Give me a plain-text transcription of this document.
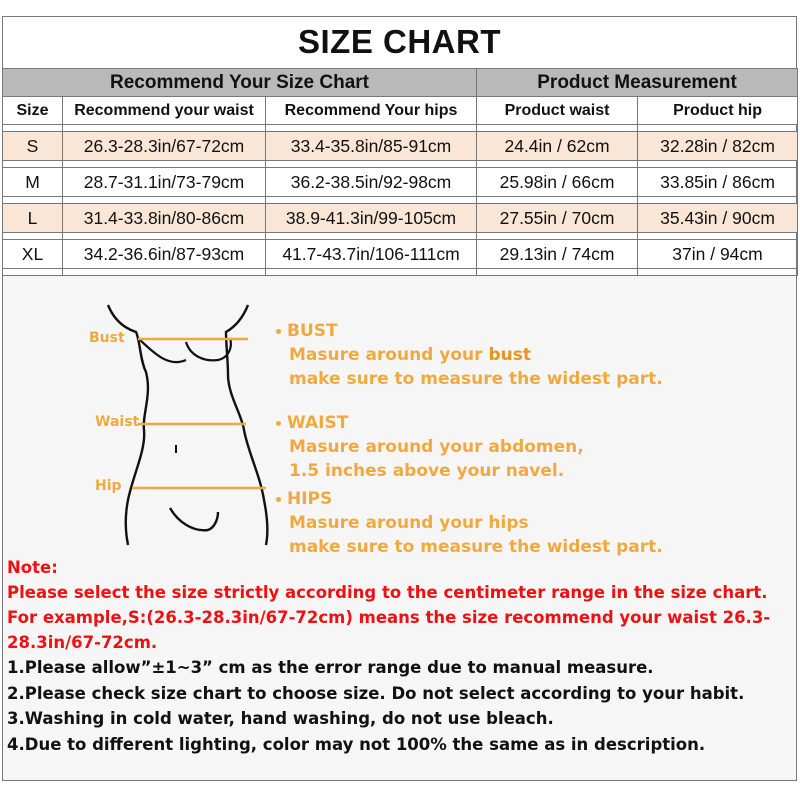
SIZE CHART
Recommend Your Size Chart			Product Measurement	
Size	Recommend your waist	Recommend Your hips	Product waist	Product hip

S	26.3-28.3in/67-72cm	33.4-35.8in/85-91cm	24.4in / 62cm	32.28in / 82cm

M	28.7-31.1in/73-79cm	36.2-38.5in/92-98cm	25.98in / 66cm	33.85in / 86cm

L	31.4-33.8in/80-86cm	38.9-41.3in/99-105cm	27.55in / 70cm	35.43in / 90cm

XL	34.2-36.6in/87-93cm	41.7-43.7in/106-111cm	29.13in / 74cm	37in / 94cm

Bust
Waist
Hip
BUST
Masure around your bust
make sure to measure the widest part.
WAIST
Masure around your abdomen,
1.5 inches above your navel.
HIPS
Masure around your hips
make sure to measure the widest part.
Note:
Please select the size strictly according to the centimeter range in the size chart.
For example,S:(26.3-28.3in/67-72cm) means the size recommend your waist 26.3-
28.3in/67-72cm.
1.Please allow”±1~3” cm as the error range due to manual measure.
2.Please check size chart to choose size. Do not select according to your habit.
3.Washing in cold water, hand washing, do not use bleach.
4.Due to different lighting, color may not 100% the same as in description.
